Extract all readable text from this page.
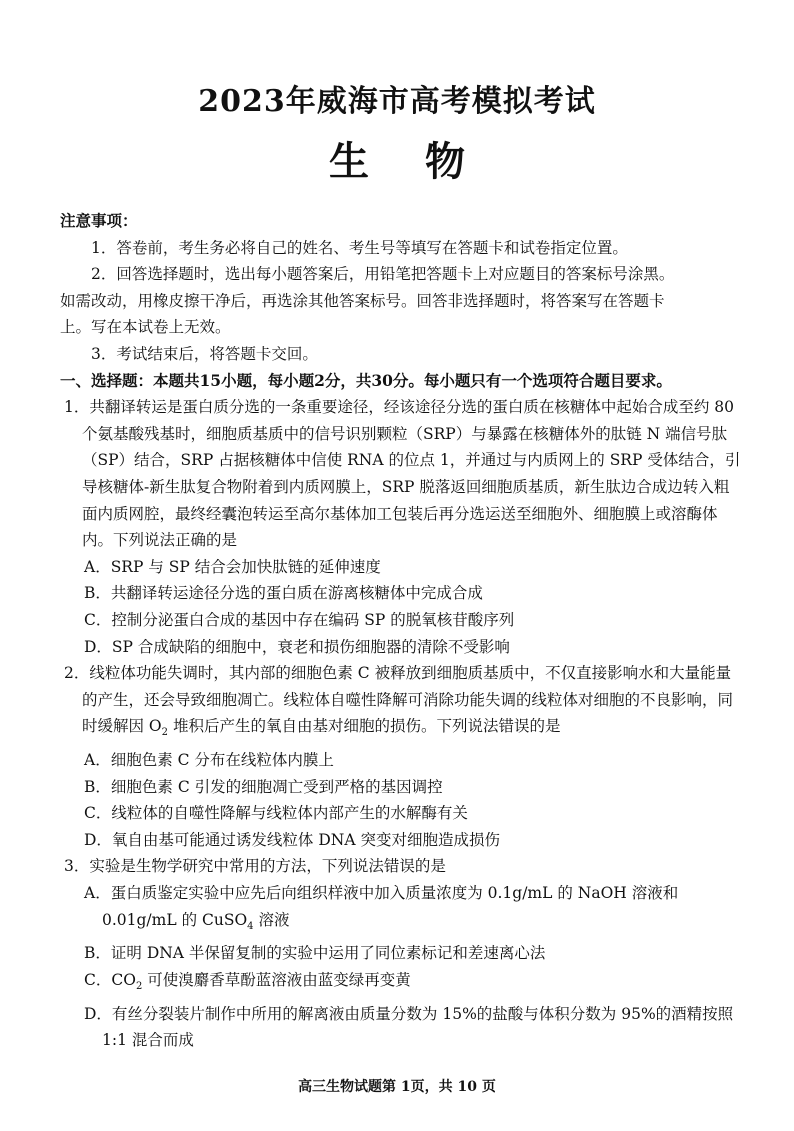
2023年威海市高考模拟考试
生 物

注意事项：

1．答卷前，考生务必将自己的姓名、考生号等填写在答题卡和试卷指定位置。

2．回答选择题时，选出每小题答案后，用铅笔把答题卡上对应题目的答案标号涂黑。

如需改动，用橡皮擦干净后，再选涂其他答案标号。回答非选择题时，将答案写在答题卡

上。写在本试卷上无效。

3．考试结束后，将答题卡交回。

一、选择题：本题共15小题，每小题2分，共30分。每小题只有一个选项符合题目要求。

1．共翻译转运是蛋白质分选的一条重要途径，经该途径分选的蛋白质在核糖体中起始合成至约 80 个氨基酸残基时，细胞质基质中的信号识别颗粒（SRP）与暴露在核糖体外的肽链 N 端信号肽（SP）结合，SRP 占据核糖体中信使 RNA 的位点 1，并通过与内质网上的 SRP 受体结合，引导核糖体-新生肽复合物附着到内质网膜上，SRP 脱落返回细胞质基质，新生肽边合成边转入粗面内质网腔，最终经囊泡转运至高尔基体加工包装后再分选运送至细胞外、细胞膜上或溶酶体内。下列说法正确的是

A．SRP 与 SP 结合会加快肽链的延伸速度

B．共翻译转运途径分选的蛋白质在游离核糖体中完成合成

C．控制分泌蛋白合成的基因中存在编码 SP 的脱氧核苷酸序列

D．SP 合成缺陷的细胞中，衰老和损伤细胞器的清除不受影响

2．线粒体功能失调时，其内部的细胞色素 C 被释放到细胞质基质中，不仅直接影响水和大量能量的产生，还会导致细胞凋亡。线粒体自噬性降解可消除功能失调的线粒体对细胞的不良影响，同时缓解因 $O_2$ 堆积后产生的氧自由基对细胞的损伤。下列说法错误的是

A．细胞色素 C 分布在线粒体内膜上

B．细胞色素 C 引发的细胞凋亡受到严格的基因调控

C．线粒体的自噬性降解与线粒体内部产生的水解酶有关

D．氧自由基可能通过诱发线粒体 DNA 突变对细胞造成损伤

3．实验是生物学研究中常用的方法，下列说法错误的是

A．蛋白质鉴定实验中应先后向组织样液中加入质量浓度为 0.1g/mL 的 NaOH 溶液和 0.01g/mL 的 CuSO$_4$ 溶液

B．证明 DNA 半保留复制的实验中运用了同位素标记和差速离心法

C．$CO_2$ 可使溴麝香草酚蓝溶液由蓝变绿再变黄

D．有丝分裂装片制作中所用的解离液由质量分数为 15%的盐酸与体积分数为 95%的酒精按照 1:1 混合而成

高三生物试题第 1页，共 10 页
